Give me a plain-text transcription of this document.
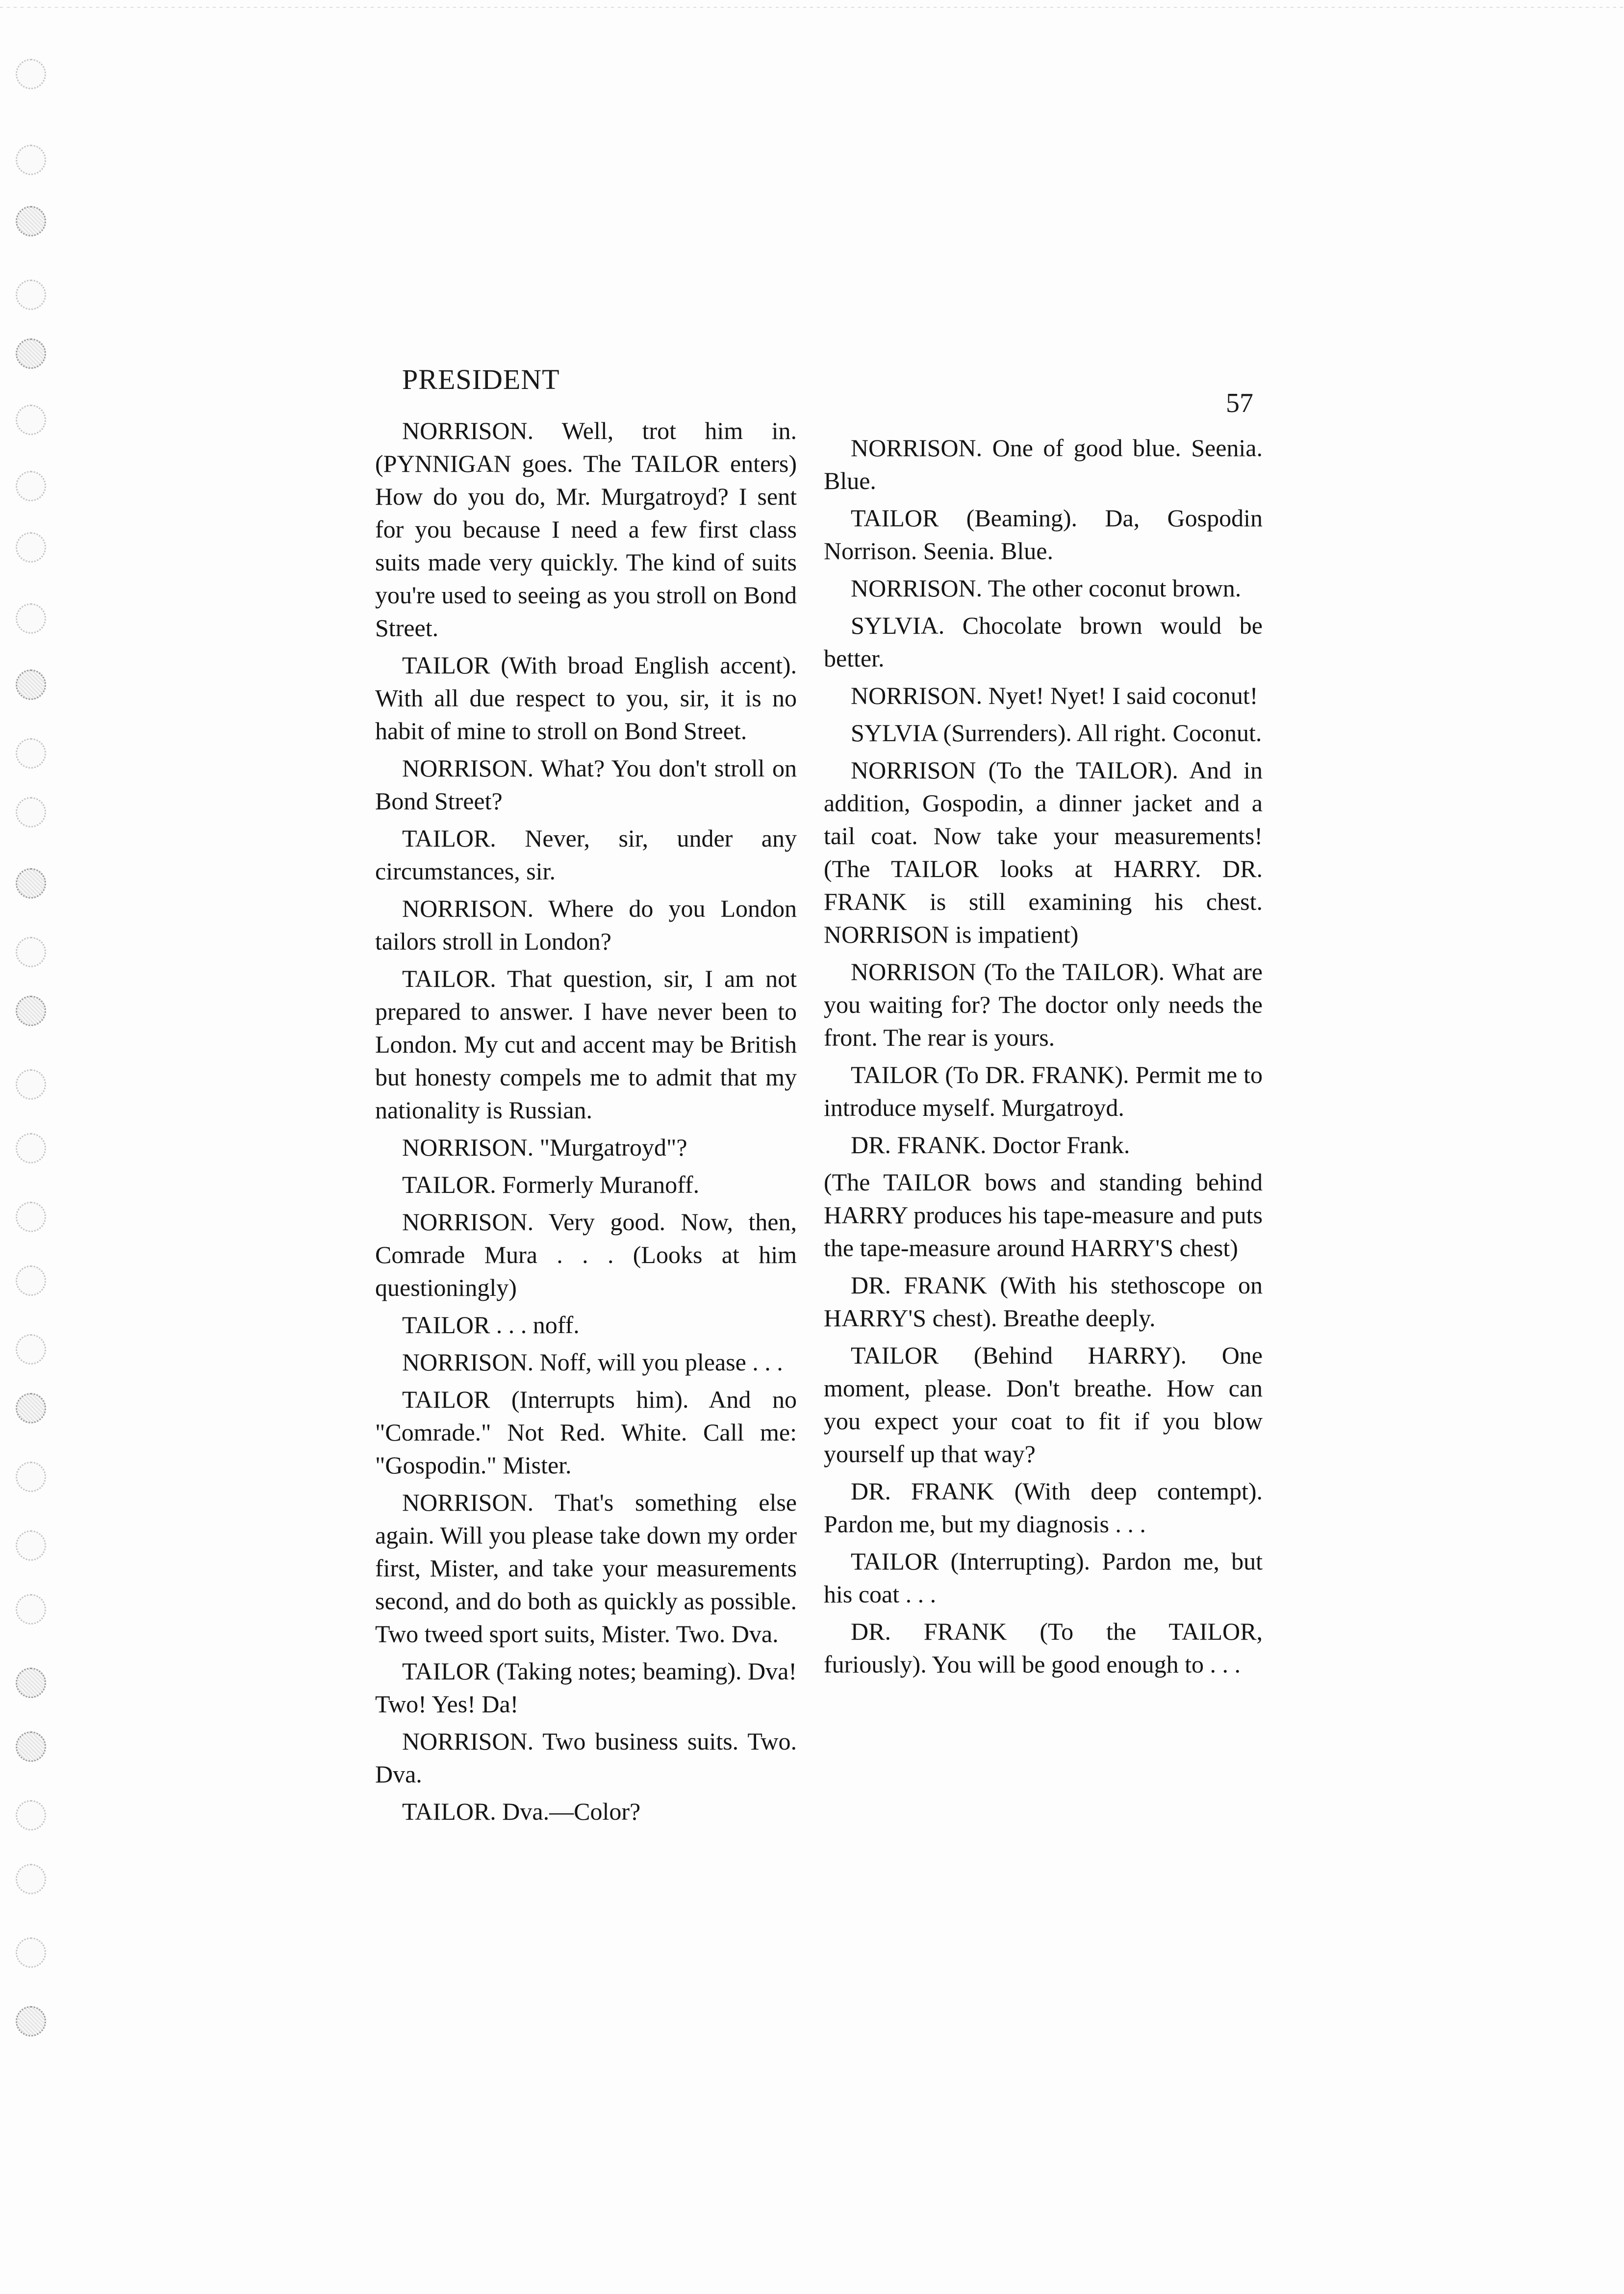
PRESIDENT
57

NORRISON. Well, trot him in. (PYNNIGAN goes. The TAILOR enters) How do you do, Mr. Murgatroyd? I sent for you because I need a few first class suits made very quickly. The kind of suits you're used to seeing as you stroll on Bond Street.

TAILOR (With broad English accent). With all due respect to you, sir, it is no habit of mine to stroll on Bond Street.

NORRISON. What? You don't stroll on Bond Street?

TAILOR. Never, sir, under any circumstances, sir.

NORRISON. Where do you London tailors stroll in London?

TAILOR. That question, sir, I am not prepared to answer. I have never been to London. My cut and accent may be British but honesty compels me to admit that my nationality is Russian.

NORRISON. "Murgatroyd"?

TAILOR. Formerly Muranoff.

NORRISON. Very good. Now, then, Comrade Mura . . . (Looks at him questioningly)

TAILOR . . . noff.

NORRISON. Noff, will you please . . .

TAILOR (Interrupts him). And no "Comrade." Not Red. White. Call me: "Gospodin." Mister.

NORRISON. That's something else again. Will you please take down my order first, Mister, and take your measurements second, and do both as quickly as possible. Two tweed sport suits, Mister. Two. Dva.

TAILOR (Taking notes; beaming). Dva! Two! Yes! Da!

NORRISON. Two business suits. Two. Dva.

TAILOR. Dva.—Color?

NORRISON. One of good blue. Seenia. Blue.

TAILOR (Beaming). Da, Gospodin Norrison. Seenia. Blue.

NORRISON. The other coconut brown.

SYLVIA. Chocolate brown would be better.

NORRISON. Nyet! Nyet! I said coconut!

SYLVIA (Surrenders). All right. Coconut.

NORRISON (To the TAILOR). And in addition, Gospodin, a dinner jacket and a tail coat. Now take your measurements! (The TAILOR looks at HARRY. DR. FRANK is still examining his chest. NORRISON is impatient)

NORRISON (To the TAILOR). What are you waiting for? The doctor only needs the front. The rear is yours.

TAILOR (To DR. FRANK). Permit me to introduce myself. Murgatroyd.

DR. FRANK. Doctor Frank.

(The TAILOR bows and standing behind HARRY produces his tape-measure and puts the tape-measure around HARRY'S chest)

DR. FRANK (With his stethoscope on HARRY'S chest). Breathe deeply.

TAILOR (Behind HARRY). One moment, please. Don't breathe. How can you expect your coat to fit if you blow yourself up that way?

DR. FRANK (With deep contempt). Pardon me, but my diagnosis . . .

TAILOR (Interrupting). Pardon me, but his coat . . .

DR. FRANK (To the TAILOR, furiously). You will be good enough to . . .
